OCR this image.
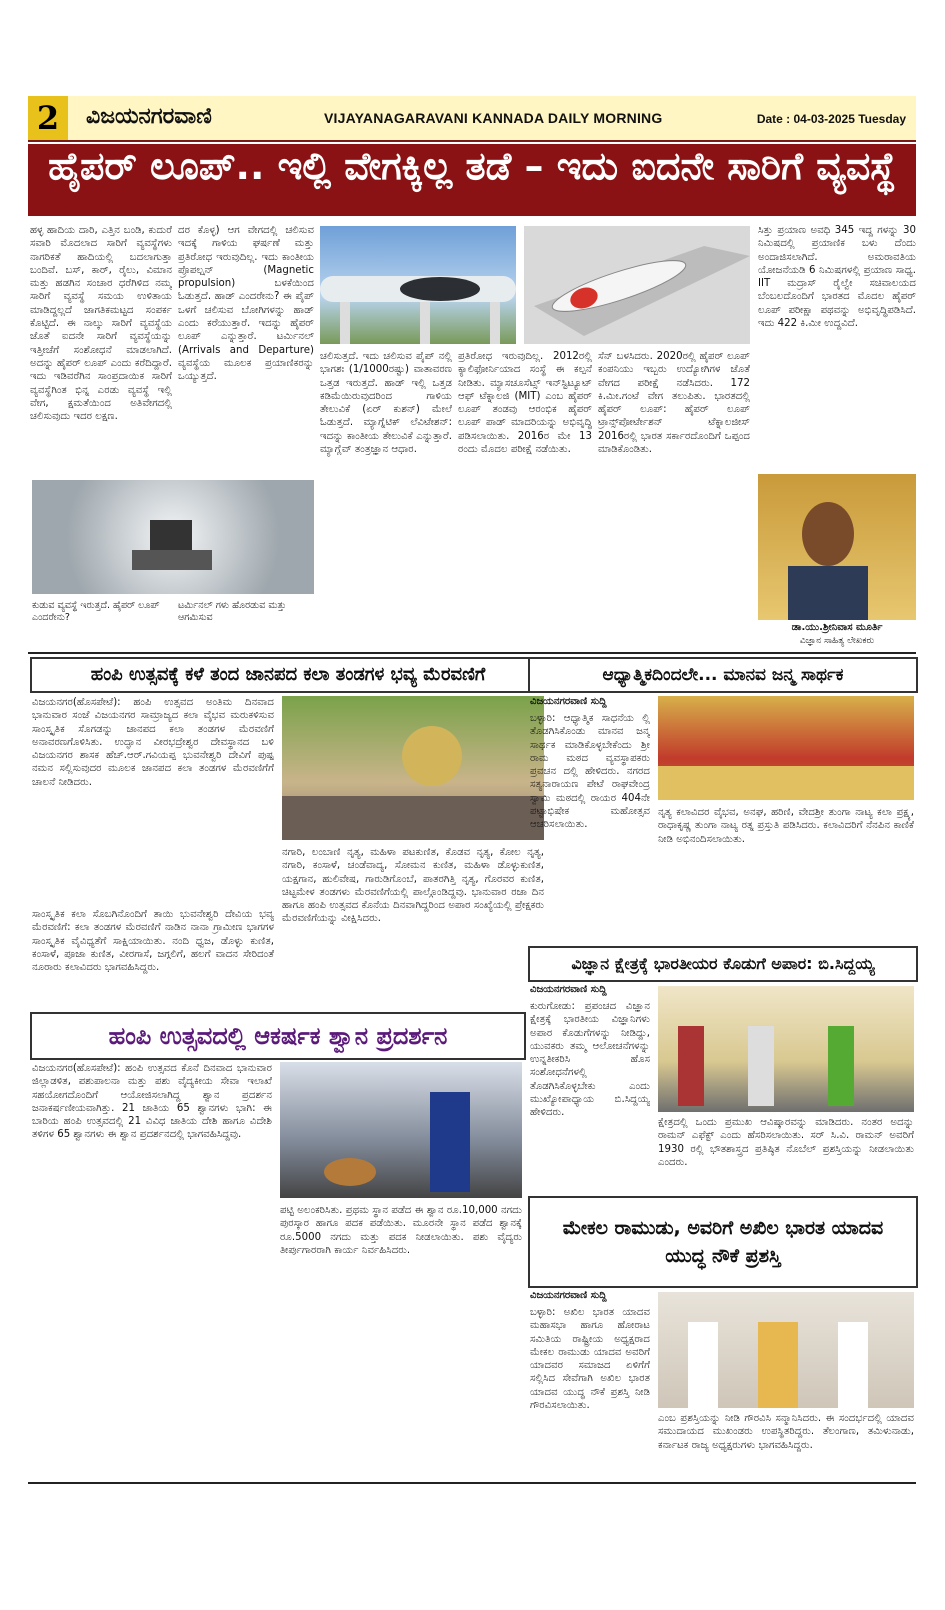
2	ವಿಜಯನಗರವಾಣಿ	VIJAYANAGARAVANI KANNADA DAILY MORNING	Date : 04-03-2025 Tuesday
ಹೈಪರ್ ಲೂಪ್.. ಇಲ್ಲಿ ವೇಗಕ್ಕಿಲ್ಲ ತಡೆ – ಇದು ಐದನೇ ಸಾರಿಗೆ ವ್ಯವಸ್ಥೆ
ಹಳ್ಳ ಹಾದಿಯ ದಾರಿ, ಎತ್ತಿನ ಬಂಡಿ, ಕುದುರೆ ಸವಾರಿ ಮೊದಲಾದ ಸಾರಿಗೆ ವ್ಯವಸ್ಥೆಗಳು ನಾಗರಿಕತೆ ಹಾದಿಯಲ್ಲಿ ಬದಲಾಗುತ್ತಾ ಬಂದಿವೆ. ಬಸ್, ಕಾರ್, ರೈಲು, ವಿಮಾನ ಮತ್ತು ಹಡಗಿನ ಸಂಚಾರ ಧರೆಗಿಳಿದ ನಮ್ಮ ಸಾರಿಗೆ ವ್ಯವಸ್ಥೆ ಸಮಯ ಉಳಿತಾಯ ಮಾಡಿದ್ದಲ್ಲದೆ ಜಾಗತಿಕಮಟ್ಟದ ಸಂಪರ್ಕ ಕೊಟ್ಟಿದೆ. ಈ ನಾಲ್ಕು ಸಾರಿಗೆ ವ್ಯವಸ್ಥೆಯ ಜೊತೆ ಐದನೇ ಸಾರಿಗೆ ವ್ಯವಸ್ಥೆಯನ್ನು ಇತ್ತೀಚೆಗೆ ಸಂಶೋಧನೆ ಮಾಡಲಾಗಿದೆ. ಅದನ್ನು ಹೈಪರ್ ಲೂಪ್ ಎಂದು ಕರೆದಿದ್ದಾರೆ. ಇದು ಇಡಿವರೆಗಿನ ಸಾಂಪ್ರದಾಯಿಕ ಸಾರಿಗೆ ವ್ಯವಸ್ಥೆಗಿಂತ ಭಿನ್ನ ಎರಡು ವ್ಯವಸ್ಥೆ ಇಲ್ಲಿ ವೇಗ, ಕ್ಷಮತೆಯಿಂದ ಅತಿವೇಗದಲ್ಲಿ ಚಲಿಸುವುದು ಇದರ ಲಕ್ಷಣ.
ದರ ಕೊಳ್ಳ) ಆಗ ವೇಗದಲ್ಲಿ ಚಲಿಸುವ ಇದಕ್ಕೆ ಗಾಳಿಯ ಘರ್ಷಣೆ ಮತ್ತು ಪ್ರತಿರೋಧ ಇರುವುದಿಲ್ಲ. ಇದು ಕಾಂತೀಯ ಪ್ರೊಪಲ್ಷನ್ (Magnetic propulsion) ಬಳಕೆಯಿಂದ ಓಡುತ್ತದೆ. ಹಾಡ್ ಎಂದರೇನು? ಈ ಪೈಪ್ ಒಳಗೆ ಚಲಿಸುವ ಬೋಗಿಗಳನ್ನು ಹಾಡ್ ಎಂದು ಕರೆಯುತ್ತಾರೆ. ಇದನ್ನು ಹೈಪರ್ ಲೂಪ್ ಎನ್ನುತ್ತಾರೆ. ಟರ್ಮಿನಲ್ (Arrivals and Departure) ವ್ಯವಸ್ಥೆಯ ಮೂಲಕ ಪ್ರಯಾಣಿಕರನ್ನು ಒಯ್ಯುತ್ತದೆ.
ಚಲಿಸುತ್ತದೆ. ಇದು ಚಲಿಸುವ ಪೈಪ್ ನಲ್ಲಿ ಭಾಗಶಃ (1/1000ರಷ್ಟು) ವಾತಾವರಣ ಒತ್ತಡ ಇರುತ್ತದೆ. ಹಾಡ್ ಇಲ್ಲಿ ಒತ್ತಡ ಕಡಿಮೆಯಿರುವುದರಿಂದ ಗಾಳಿಯ ತೇಲುವಿಕೆ (ಏರ್ ಕುಶನ್) ಮೇಲೆ ಓಡುತ್ತದೆ. ಮ್ಯಾಗ್ನೆಟಿಕ್ ಲೆವಿಟೇಶನ್: ಇದನ್ನು ಕಾಂತೀಯ ತೇಲುವಿಕೆ ಎನ್ನುತ್ತಾರೆ. ಮ್ಯಾಗ್ಲೆವ್ ತಂತ್ರಜ್ಞಾನ ಆಧಾರ.
ಪ್ರತಿರೋಧ ಇರುವುದಿಲ್ಲ. 2012ರಲ್ಲಿ ಕ್ಯಾಲಿಫೋರ್ನಿಯಾದ ಸಂಸ್ಥೆ ಈ ಕಲ್ಪನೆ ನೀಡಿತು. ಮ್ಯಾಸಚೂಸೆಟ್ಸ್ ಇನ್‌ಸ್ಟಿಟ್ಯೂಟ್ ಆಫ್ ಟೆಕ್ನಾಲಜಿ (MIT) ಎಂಬ ಹೈಪರ್ ಲೂಪ್ ತಂಡವು ಆರಂಭಿಕ ಹೈಪರ್ ಲೂಪ್ ಪಾಡ್ ಮಾದರಿಯನ್ನು ಅಭಿವೃದ್ಧಿ ಪಡಿಸಲಾಯಿತು. 2016ರ ಮೇ 13 ರಂದು ಮೊದಲ ಪರೀಕ್ಷೆ ನಡೆಯಿತು.
ಸೆನ್ ಬಳಸಿದರು. 2020ರಲ್ಲಿ ಹೈಪರ್ ಲೂಪ್ ಕಂಪನಿಯು ಇಬ್ಬರು ಉದ್ಯೋಗಿಗಳ ಜೊತೆ ವೇಗದ ಪರೀಕ್ಷೆ ನಡೆಸಿದರು. 172 ಕಿ.ಮೀ.ಗಂಟೆ ವೇಗ ತಲುಪಿತು. ಭಾರತದಲ್ಲಿ ಹೈಪರ್ ಲೂಪ್: ಹೈಪರ್ ಲೂಪ್ ಟ್ರಾನ್ಸ್‌ಪೋರ್ಟೇಶನ್ ಟೆಕ್ನಾಲಜೀಸ್ 2016ರಲ್ಲಿ ಭಾರತ ಸರ್ಕಾರದೊಂದಿಗೆ ಒಪ್ಪಂದ ಮಾಡಿಕೊಂಡಿತು.
ಸಿತ್ತು ಪ್ರಯಾಣ ಅವಧಿ 345 ಇದ್ದ ಗಳನ್ನು 30 ನಿಮಿಷದಲ್ಲಿ ಪ್ರಯಾಣಿಕ ಬಳು ದೆಂದು ಅಂದಾಜಿಸಲಾಗಿದೆ. ಅಮರಾವತಿಯ ಯೋಜನೆಯಡಿ 6 ನಿಮಿಷಗಳಲ್ಲಿ ಪ್ರಯಾಣ ಸಾಧ್ಯ. IIT ಮದ್ರಾಸ್ ರೈಲ್ವೇ ಸಚಿವಾಲಯದ ಬೆಂಬಲದೊಂದಿಗೆ ಭಾರತದ ಮೊದಲ ಹೈಪರ್ ಲೂಪ್ ಪರೀಕ್ಷಾ ಪಥವನ್ನು ಅಭಿವೃದ್ಧಿಪಡಿಸಿದೆ. ಇದು 422 ಕಿ.ಮೀ ಉದ್ದವಿದೆ.
ಕುಡುವ ವ್ಯವಸ್ಥೆ ಇರುತ್ತದೆ. ಹೈಪರ್ ಲೂಪ್ ಎಂದರೇನು?
ಟರ್ಮಿನಲ್ ಗಳು ಹೊರಡುವ ಮತ್ತು ಆಗಮಿಸುವ
ಡಾ.ಯು.ಶ್ರೀನಿವಾಸ ಮೂರ್ತಿ
ವಿಜ್ಞಾನ ಸಾಹಿತ್ಯ ಲೇಖಕರು
ಹಂಪಿ ಉತ್ಸವಕ್ಕೆ ಕಳೆ ತಂದ ಜಾನಪದ ಕಲಾ ತಂಡಗಳ ಭವ್ಯ ಮೆರವಣಿಗೆ
ವಿಜಯನಗರ(ಹೊಸಪೇಟೆ): ಹಂಪಿ ಉತ್ಸವದ ಅಂತಿಮ ದಿನವಾದ ಭಾನುವಾರ ಸಂಜೆ ವಿಜಯನಗರ ಸಾಮ್ರಾಜ್ಯದ ಕಲಾ ವೈಭವ ಮರುಕಳಿಸುವ ಸಾಂಸ್ಕೃತಿಕ ಸೊಗಡನ್ನು ಜಾನಪದ ಕಲಾ ತಂಡಗಳ ಮೆರವಣಿಗೆ ಅನಾವರಣಗೊಳಿಸಿತು. ಉದ್ಘಾನ ವೀರಭದ್ರೇಶ್ವರ ದೇವಸ್ಥಾನದ ಬಳಿ ವಿಜಯನಗರ ಶಾಸಕ ಹೆಚ್.ಆರ್.ಗವಿಯಪ್ಪ ಭುವನೇಶ್ವರಿ ದೇವಿಗೆ ಪುಷ್ಪ ನಮನ ಸಲ್ಲಿಸುವುದರ ಮೂಲಕ ಜಾನಪದ ಕಲಾ ತಂಡಗಳ ಮೆರವಣಿಗೆಗೆ ಚಾಲನೆ ನೀಡಿದರು.
ಸಾಂಸ್ಕೃತಿಕ ಕಲಾ ಸೊಬಗಿನೊಂದಿಗೆ ತಾಯಿ ಭುವನೇಶ್ವರಿ ದೇವಿಯ ಭವ್ಯ ಮೆರವಣಿಗೆ: ಕಲಾ ತಂಡಗಳ ಮೆರವಣಿಗೆ ನಾಡಿನ ನಾನಾ ಗ್ರಾಮೀಣ ಭಾಗಗಳ ಸಾಂಸ್ಕೃತಿಕ ವೈವಿಧ್ಯತೆಗೆ ಸಾಕ್ಷಿಯಾಯಿತು. ನಂದಿ ಧ್ವಜ, ಡೊಳ್ಳು ಕುಣಿತ, ಕಂಸಾಳೆ, ಪೂಜಾ ಕುಣಿತ, ವೀರಗಾಸೆ, ಜಗ್ಗಲಿಗೆ, ಹಲಗೆ ವಾದನ ಸೇರಿದಂತೆ ನೂರಾರು ಕಲಾವಿದರು ಭಾಗವಹಿಸಿದ್ದರು.
ನಗಾರಿ, ಲಂಬಾಣಿ ನೃತ್ಯ, ಮಹಿಳಾ ಪಟಕುಣಿತ, ಕೊಡವ ನೃತ್ಯ, ಕೋಲ ನೃತ್ಯ, ನಗಾರಿ, ಕಂಸಾಳೆ, ಚಂಡೆವಾದ್ಯ, ಸೋಮನ ಕುಣಿತ, ಮಹಿಳಾ ಡೊಳ್ಳುಕುಣಿತ, ಯಕ್ಷಗಾನ, ಹುಲಿವೇಷ, ಗಾರುಡಿಗೊಂಬೆ, ಪಾತರಗಿತ್ತಿ ನೃತ್ಯ, ಗೊರವರ ಕುಣಿತ, ಚಿಟ್ಟಮೇಳ ತಂಡಗಳು ಮೆರವಣಿಗೆಯಲ್ಲಿ ಪಾಲ್ಗೊಂಡಿದ್ದವು. ಭಾನುವಾರ ರಜಾ ದಿನ ಹಾಗೂ ಹಂಪಿ ಉತ್ಸವದ ಕೊನೆಯ ದಿನವಾಗಿದ್ದರಿಂದ ಅಪಾರ ಸಂಖ್ಯೆಯಲ್ಲಿ ಪ್ರೇಕ್ಷಕರು ಮೆರವಣಿಗೆಯನ್ನು ವೀಕ್ಷಿಸಿದರು.
ಆಧ್ಯಾತ್ಮಿಕದಿಂದಲೇ... ಮಾನವ ಜನ್ಮ ಸಾರ್ಥಕ
ವಿಜಯನಗರವಾಣಿ ಸುದ್ದಿ
ಬಳ್ಳಾರಿ: ಆಧ್ಯಾತ್ಮಿಕ ಸಾಧನೆಯ ಲ್ಲಿ ತೊಡಗಿಸಿಕೊಂಡು ಮಾನವ ಜನ್ಮ ಸಾರ್ಥಕ ಮಾಡಿಕೊಳ್ಳಬೇಕೆಂದು ಶ್ರೀ ರಾಮ ಮಠದ ವ್ಯವಸ್ಥಾಪಕರು ಪ್ರವಚನ ದಲ್ಲಿ ಹೇಳಿದರು. ನಗರದ ಸತ್ಯನಾರಾಯಣ ಪೇಟೆ ರಾಘವೇಂದ್ರ ಸ್ವಾಮಿ ಮಠದಲ್ಲಿ ರಾಯರ 404ನೇ ಪಟ್ಟಾಭಿಷೇಕ ಮಹೋತ್ಸವ ಆಚರಿಸಲಾಯಿತು.
ನೃತ್ಯ ಕಲಾವಿದರ ವೈಭವ, ಅನಘ, ಹರಿಣಿ, ವೇದಶ್ರೀ ತುಂಗಾ ನಾಟ್ಯ ಕಲಾ ಪ್ರಕ್ಷ್ಯ, ರಾಧಾಕೃಷ್ಣ ತುಂಗಾ ನಾಟ್ಯ ರತ್ನ ಪ್ರಸ್ತುತಿ ಪಡಿಸಿದರು. ಕಲಾವಿದರಿಗೆ ನೆನಪಿನ ಕಾಣಿಕೆ ನೀಡಿ ಅಭಿನಂದಿಸಲಾಯಿತು.
ವಿಜ್ಞಾನ ಕ್ಷೇತ್ರಕ್ಕೆ ಭಾರತೀಯರ ಕೊಡುಗೆ ಅಪಾರ: ಬಿ.ಸಿದ್ದಯ್ಯ
ವಿಜಯನಗರವಾಣಿ ಸುದ್ದಿ
ಕುರುಗೋಡು: ಪ್ರಪಂಚದ ವಿಜ್ಞಾನ ಕ್ಷೇತ್ರಕ್ಕೆ ಭಾರತೀಯ ವಿಜ್ಞಾನಿಗಳು ಅಪಾರ ಕೊಡುಗೆಗಳನ್ನು ನೀಡಿದ್ದು, ಯುವಕರು ತಮ್ಮ ಆಲೋಚನೆಗಳನ್ನು ಉನ್ನತೀಕರಿಸಿ ಹೊಸ ಸಂಶೋಧನೆಗಳಲ್ಲಿ ತೊಡಗಿಸಿಕೊಳ್ಳಬೇಕು ಎಂದು ಮುಖ್ಯೋಪಾಧ್ಯಾಯ ಬಿ.ಸಿದ್ದಯ್ಯ ಹೇಳಿದರು.
ಕ್ಷೇತ್ರದಲ್ಲಿ ಒಂದು ಪ್ರಮುಖ ಆವಿಷ್ಕಾರವನ್ನು ಮಾಡಿದರು. ನಂತರ ಅದನ್ನು ರಾಮನ್ ಎಫೆಕ್ಟ್ ಎಂದು ಹೆಸರಿಸಲಾಯಿತು. ಸರ್ ಸಿ.ವಿ. ರಾಮನ್ ಅವರಿಗೆ 1930 ರಲ್ಲಿ ಭೌತಶಾಸ್ತ್ರದ ಪ್ರತಿಷ್ಠಿತ ನೊಬೆಲ್ ಪ್ರಶಸ್ತಿಯನ್ನು ನೀಡಲಾಯಿತು ಎಂದರು.
ಹಂಪಿ ಉತ್ಸವದಲ್ಲಿ ಆಕರ್ಷಕ ಶ್ವಾನ ಪ್ರದರ್ಶನ
ವಿಜಯನಗರ(ಹೊಸಪೇಟೆ): ಹಂಪಿ ಉತ್ಸವದ ಕೊನೆ ದಿನವಾದ ಭಾನುವಾರ ಜಿಲ್ಲಾಡಳಿತ, ಪಶುಪಾಲನಾ ಮತ್ತು ಪಶು ವೈದ್ಯಕೀಯ ಸೇವಾ ಇಲಾಖೆ ಸಹಯೋಗದೊಂದಿಗೆ ಆಯೋಜಿಸಲಾಗಿದ್ದ ಶ್ವಾನ ಪ್ರದರ್ಶನ ಜನಾಕರ್ಷಣೀಯವಾಗಿತ್ತು. 21 ಜಾತಿಯ 65 ಶ್ವಾನಗಳು ಭಾಗಿ: ಈ ಬಾರಿಯ ಹಂಪಿ ಉತ್ಸವದಲ್ಲಿ 21 ವಿವಿಧ ಜಾತಿಯ ದೇಶಿ ಹಾಗೂ ವಿದೇಶಿ ತಳಿಗಳ 65 ಶ್ವಾನಗಳು ಈ ಶ್ವಾನ ಪ್ರದರ್ಶನದಲ್ಲಿ ಭಾಗವಹಿಸಿದ್ದವು.
ಪಟ್ಟಿ ಅಲಂಕರಿಸಿತು. ಪ್ರಥಮ ಸ್ಥಾನ ಪಡೆದ ಈ ಶ್ವಾನ ರೂ.10,000 ನಗದು ಪುರಸ್ಕಾರ ಹಾಗೂ ಪದಕ ಪಡೆಯಿತು. ಮೂರನೇ ಸ್ಥಾನ ಪಡೆದ ಶ್ವಾನಕ್ಕೆ ರೂ.5000 ನಗದು ಮತ್ತು ಪದಕ ನೀಡಲಾಯಿತು. ಪಶು ವೈದ್ಯರು ತೀರ್ಪುಗಾರರಾಗಿ ಕಾರ್ಯ ನಿರ್ವಹಿಸಿದರು.
ಮೇಕಲ ರಾಮುಡು, ಅವರಿಗೆ ಅಖಿಲ ಭಾರತ ಯಾದವ ಯುದ್ಧ ನೌಕೆ ಪ್ರಶಸ್ತಿ
ವಿಜಯನಗರವಾಣಿ ಸುದ್ದಿ
ಬಳ್ಳಾರಿ: ಅಖಿಲ ಭಾರತ ಯಾದವ ಮಹಾಸಭಾ ಹಾಗೂ ಹೋರಾಟ ಸಮಿತಿಯ ರಾಷ್ಟ್ರೀಯ ಅಧ್ಯಕ್ಷರಾದ ಮೇಕಲ ರಾಮುಡು ಯಾದವ ಅವರಿಗೆ ಯಾದವರ ಸಮಾಜದ ಏಳಿಗೆಗೆ ಸಲ್ಲಿಸಿದ ಸೇವೆಗಾಗಿ ಅಖಿಲ ಭಾರತ ಯಾದವ ಯುದ್ಧ ನೌಕೆ ಪ್ರಶಸ್ತಿ ನೀಡಿ ಗೌರವಿಸಲಾಯಿತು.
ಎಂಬ ಪ್ರಶಸ್ತಿಯನ್ನು ನೀಡಿ ಗೌರವಿಸಿ ಸನ್ಮಾನಿಸಿದರು. ಈ ಸಂದರ್ಭದಲ್ಲಿ ಯಾದವ ಸಮುದಾಯದ ಮುಖಂಡರು ಉಪಸ್ಥಿತರಿದ್ದರು. ತೆಲಂಗಾಣ, ತಮಿಳುನಾಡು, ಕರ್ನಾಟಕ ರಾಜ್ಯ ಅಧ್ಯಕ್ಷರುಗಳು ಭಾಗವಹಿಸಿದ್ದರು.
